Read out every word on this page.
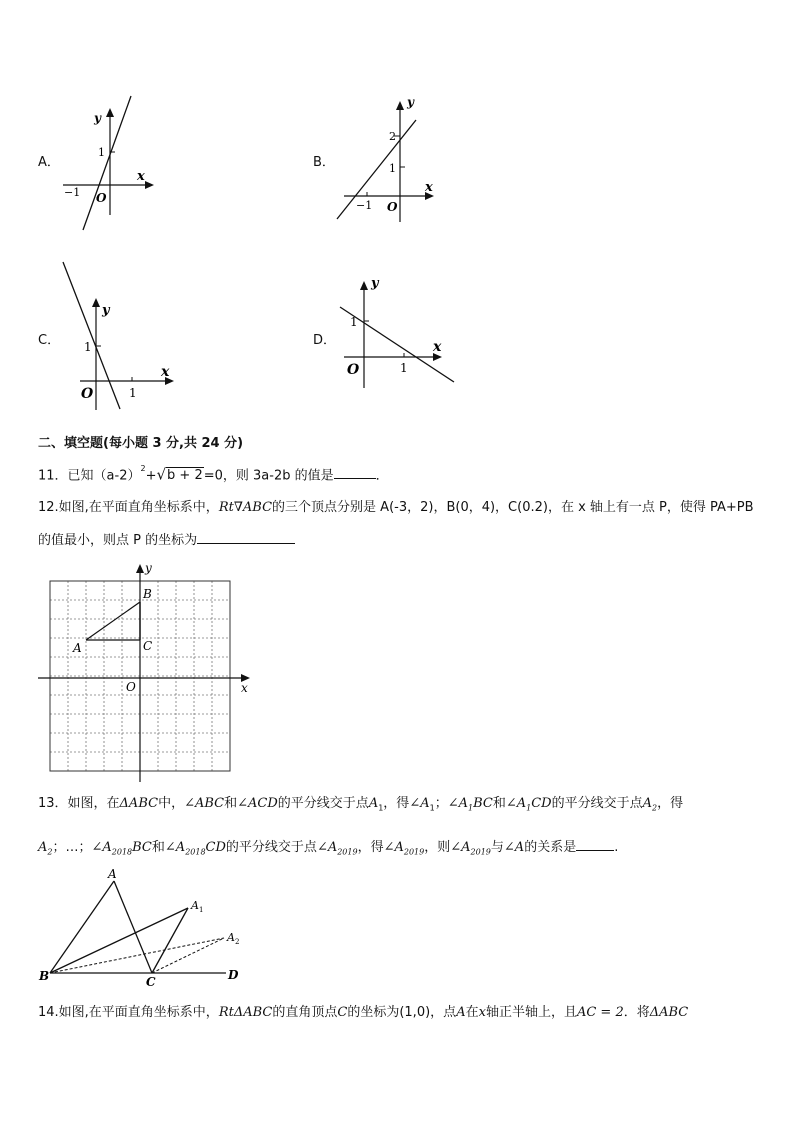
A．
y
x
O
1
−1
B．
y
x
O
2
1
−1
C．
y
x
O
1
1
D．
y
x
O
1
1
二、填空题(每小题 3 分,共 24 分)
11．已知$(a-2)^2+√b + 2=0$，则 3a-2b 的值是	．
12.如图,在平面直角坐标系中，Rt∇ABC的三个顶点分别是 A(-3，2)，B(0，4)，C(0.2)，在 x 轴上有一点 P，使得 PA+PB
的值最小，则点 P 的坐标为
y
x
O
A
B
C
13．如图，在ΔABC中，∠ABC和∠ACD的平分线交于点$A_1$，得$\angle A_1$；$\angle A_1BC$和$\angle A_1CD$的平分线交于点$A_2$，得
$A_2$；…；$\angle A_{2018}BC$和$\angle A_{2018}CD$的平分线交于点$\angle A_{2019}$，得$\angle A_{2019}$，则$\angle A_{2019}$与∠A的关系是	.
A
A 1
A 2
B	C	D
14.如图,在平面直角坐标系中，RtΔABC的直角顶点C的坐标为(1,0)，点A在x轴正半轴上，且AC = 2．将ΔABC
